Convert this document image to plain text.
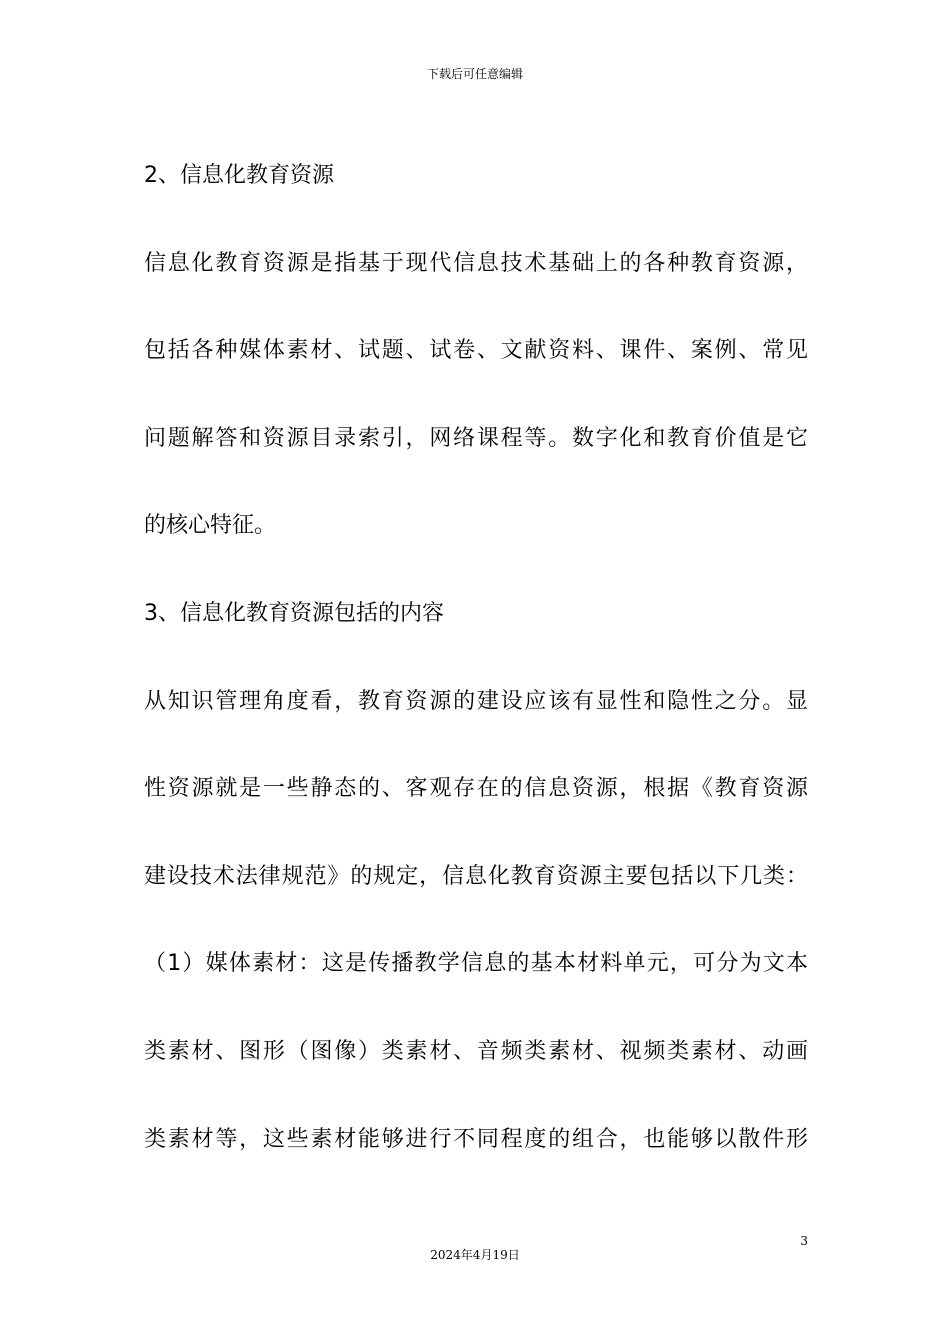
下载后可任意编辑
2、信息化教育资源
信息化教育资源是指基于现代信息技术基础上的各种教育资源，
包括各种媒体素材、试题、试卷、文献资料、课件、案例、常见
问题解答和资源目录索引，网络课程等。数字化和教育价值是它
的核心特征。
3、信息化教育资源包括的内容
从知识管理角度看，教育资源的建设应该有显性和隐性之分。显
性资源就是一些静态的、客观存在的信息资源，根据《教育资源
建设技术法律规范》的规定，信息化教育资源主要包括以下几类：
（1）媒体素材：这是传播教学信息的基本材料单元，可分为文本
类素材、图形（图像）类素材、音频类素材、视频类素材、动画
类素材等，这些素材能够进行不同程度的组合，也能够以散件形
3
2024年4月19日
